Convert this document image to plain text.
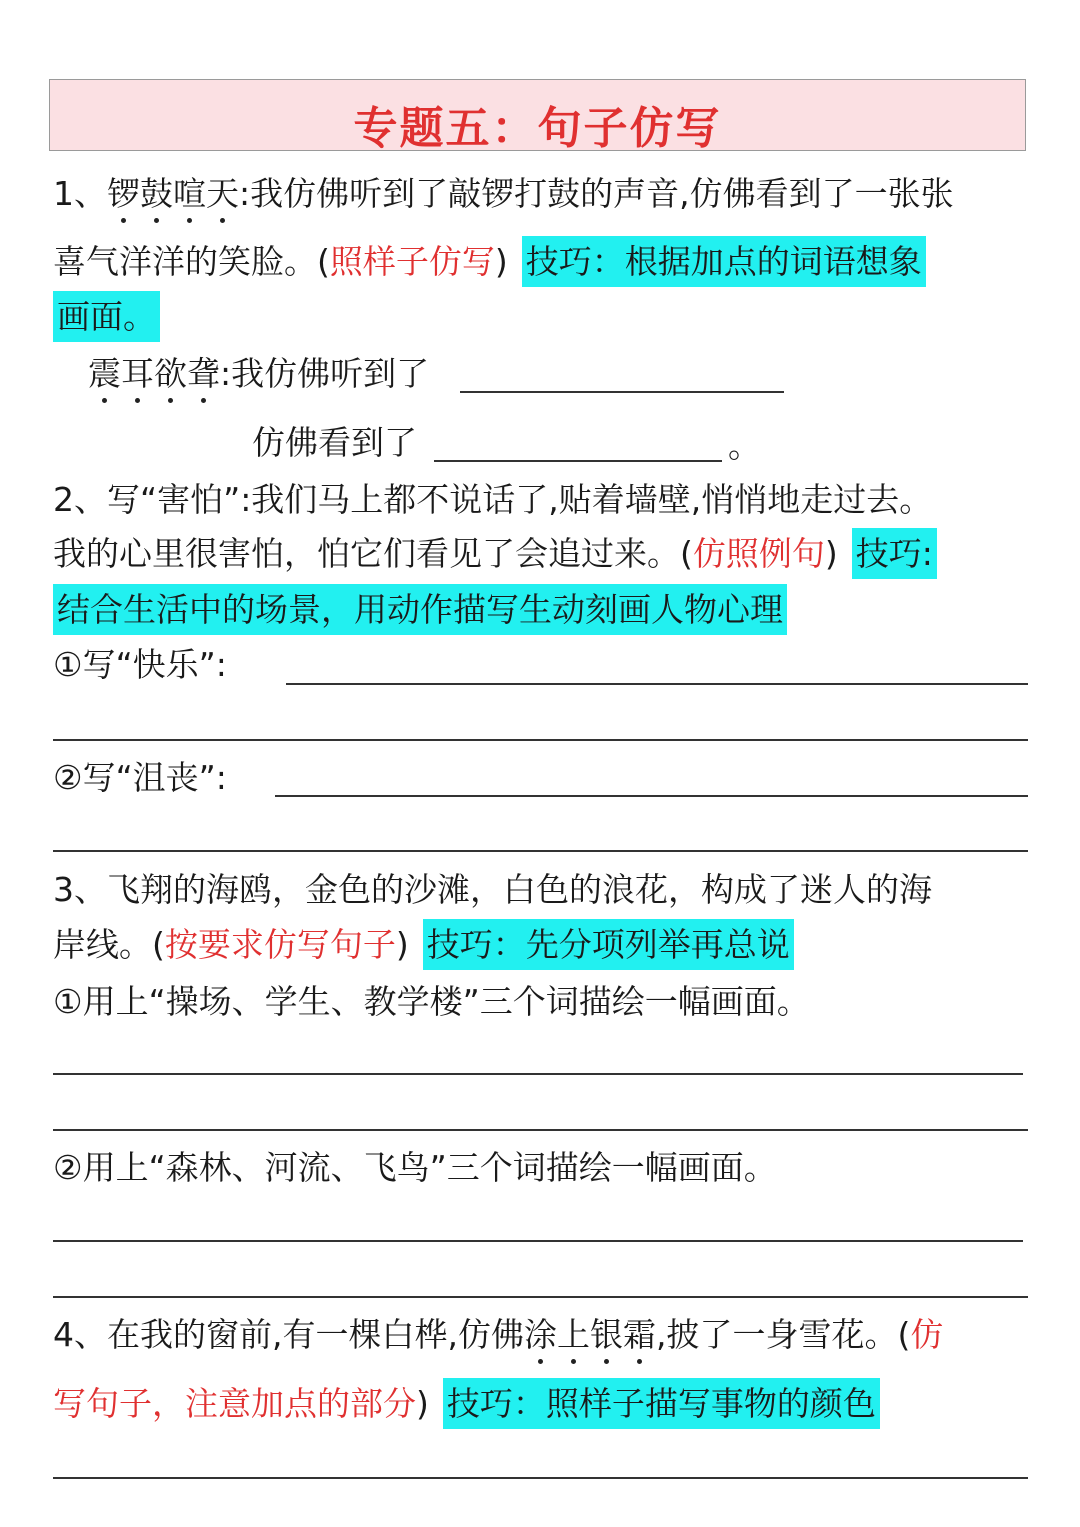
专题五：句子仿写
1、锣鼓喧天:我仿佛听到了敲锣打鼓的声音,仿佛看到了一张张
喜气洋洋的笑脸。(照样子仿写) 技巧：根据加点的词语想象
画面。
震耳欲聋:我仿佛听到了
仿佛看到了	。
2、写“害怕”:我们马上都不说话了,贴着墙壁,悄悄地走过去。
我的心里很害怕，怕它们看见了会追过来。(仿照例句) 技巧:
结合生活中的场景，用动作描写生动刻画人物心理
①写“快乐”:
②写“沮丧”:
3、飞翔的海鸥，金色的沙滩，白色的浪花，构成了迷人的海
岸线。(按要求仿写句子) 技巧：先分项列举再总说
①用上“操场、学生、教学楼”三个词描绘一幅画面。
②用上“森林、河流、飞鸟”三个词描绘一幅画面。
4、在我的窗前,有一棵白桦,仿佛涂上银霜,披了一身雪花。(仿
写句子，注意加点的部分) 技巧：照样子描写事物的颜色
